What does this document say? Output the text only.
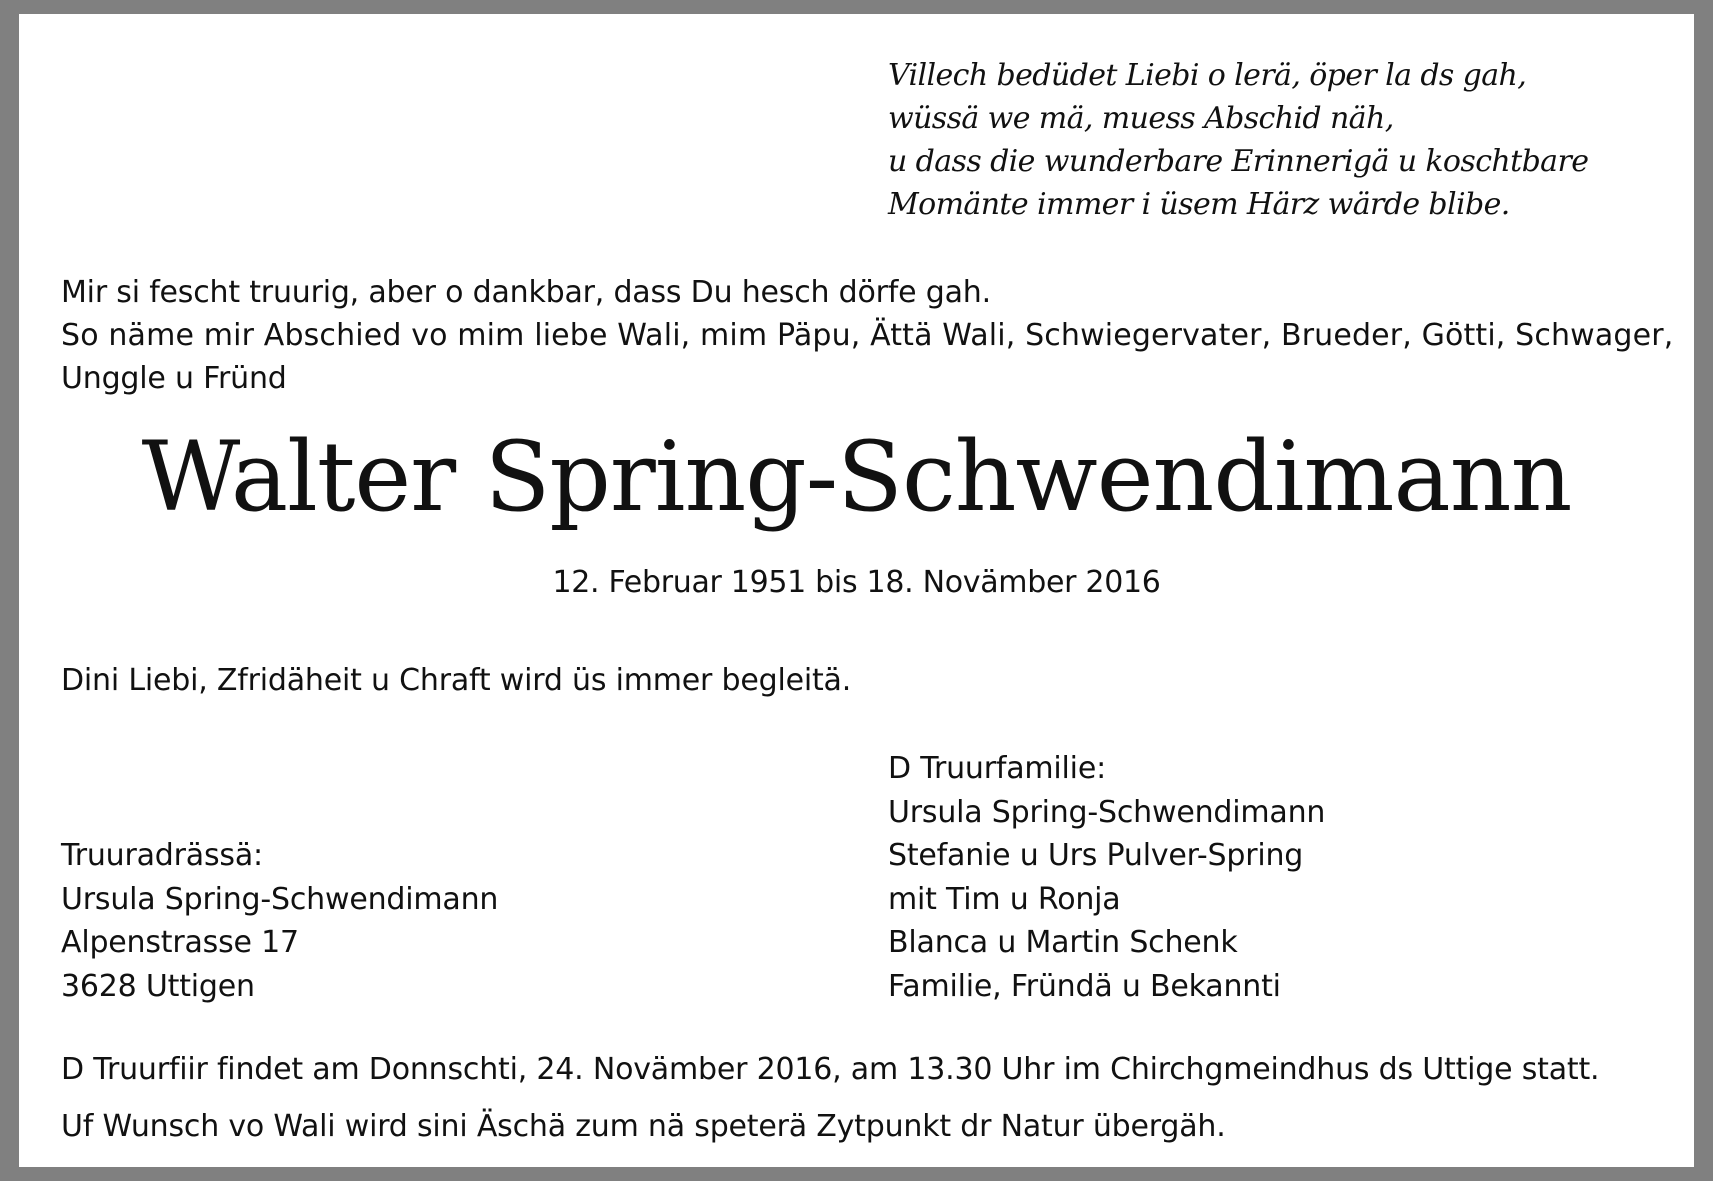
Villech bedüdet Liebi o lerä, öper la ds gah,
wüssä we mä, muess Abschid näh,
u dass die wunderbare Erinnerigä u koschtbare
Momänte immer i üsem Härz wärde blibe.

Mir si fescht truurig, aber o dankbar, dass Du hesch dörfe gah.

So näme mir Abschied vo mim liebe Wali, mim Päpu, Ättä Wali, Schwiegervater, Brueder, Götti, Schwager,

Unggle u Fründ

Walter Spring-Schwendimann
12. Februar 1951 bis 18. Novämber 2016

Dini Liebi, Zfridäheit u Chraft wird üs immer begleitä.

D Truurfamilie:
Ursula Spring-Schwendimann
Stefanie u Urs Pulver-Spring
mit Tim u Ronja
Blanca u Martin Schenk
Familie, Fründä u Bekannti
Truuradrässä:
Ursula Spring-Schwendimann
Alpenstrasse 17
3628 Uttigen

D Truurfiir findet am Donnschti, 24. Novämber 2016, am 13.30 Uhr im Chirchgmeindhus ds Uttige statt.

Uf Wunsch vo Wali wird sini Äschä zum nä speterä Zytpunkt dr Natur übergäh.
